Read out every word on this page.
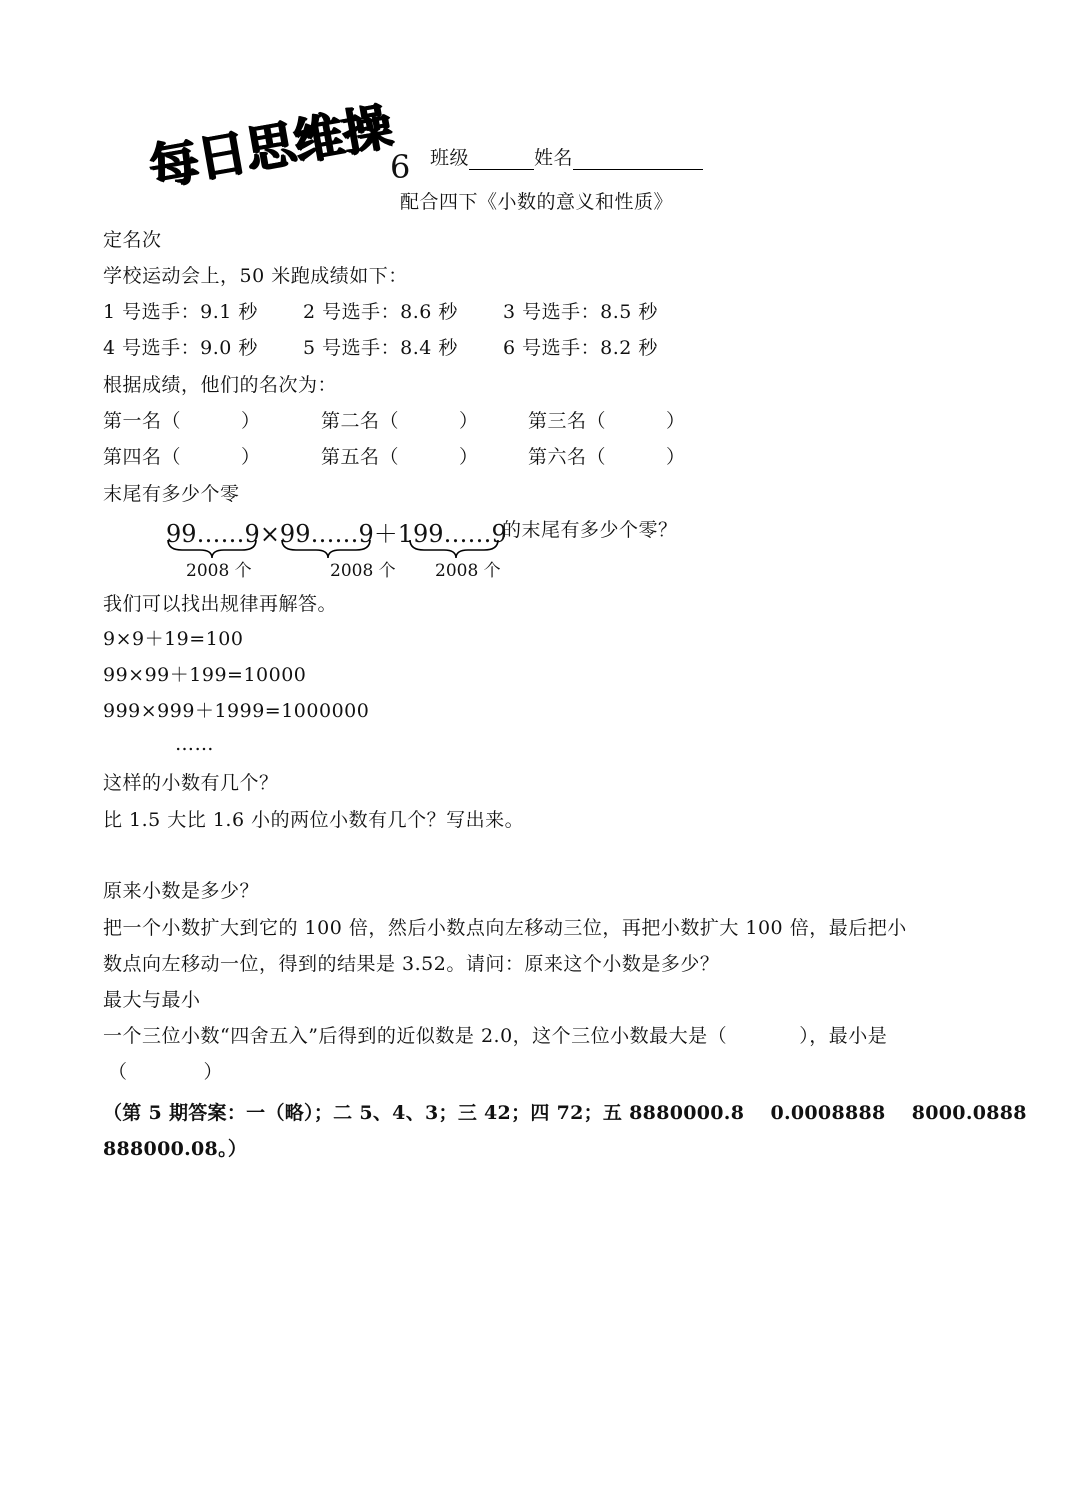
每日思维操
6 班级	姓名
配合四下《小数的意义和性质》
定名次
学校运动会上，50 米跑成绩如下：
1 号选手：9.1 秒 2 号选手：8.6 秒 3 号选手：8.5 秒
4 号选手：9.0 秒 5 号选手：8.4 秒 6 号选手：8.2 秒
根据成绩，他们的名次为：
第一名（	）	第二名（	）	第三名（	）
第四名（	）	第五名（	）	第六名（	）
末尾有多少个零
99……9×99……9＋199……9
的末尾有多少个零？
2008 个	2008 个 2008 个
我们可以找出规律再解答。
9×9＋19=100
99×99＋199=10000
999×999＋1999=1000000
……
这样的小数有几个？
比 1.5 大比 1.6 小的两位小数有几个？写出来。
原来小数是多少？
把一个小数扩大到它的 100 倍，然后小数点向左移动三位，再把小数扩大 100 倍，最后把小
数点向左移动一位，得到的结果是 3.52。请问：原来这个小数是多少？
最大与最小
一个三位小数“四舍五入”后得到的近似数是 2.0，这个三位小数最大是（	），最小是
（	）
（第 5 期答案：一（略）；二 5、4、3；三 42；四 72；五 8880000.8　 0.0008888　 8000.0888
888000.08。）
